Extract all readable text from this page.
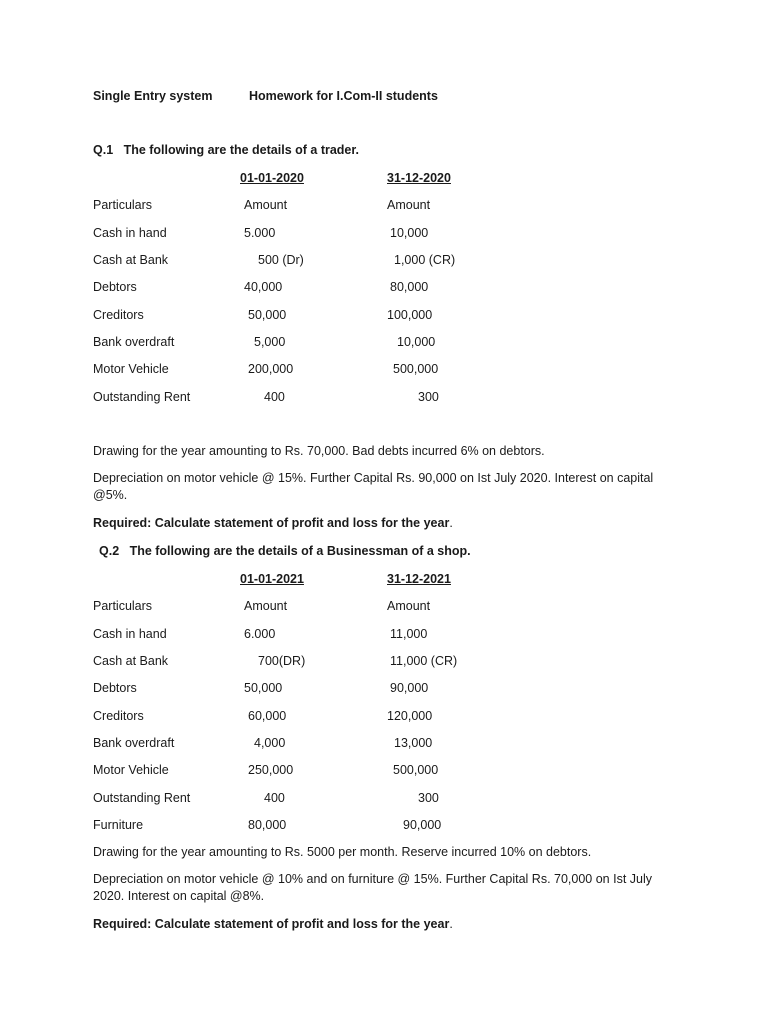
Single Entry system	Homework for I.Com-II students
Q.1   The following are the details of a trader.
01-01-2020	31-12-2020
Particulars	Amount	Amount
Cash in hand	5.000	10,000
Cash at Bank	500 (Dr)	1,000 (CR)
Debtors	40,000	80,000
Creditors	50,000	100,000
Bank overdraft	5,000	10,000
Motor Vehicle	200,000	500,000
Outstanding Rent	400	300
Drawing for the year amounting to Rs. 70,000. Bad debts incurred 6% on debtors.
Depreciation on motor vehicle @ 15%. Further Capital Rs. 90,000 on Ist July 2020. Interest on capital @5%.
Required: Calculate statement of profit and loss for the year.
Q.2   The following are the details of a Businessman of a shop.
01-01-2021	31-12-2021
Particulars	Amount	Amount
Cash in hand	6.000	11,000
Cash at Bank	700(DR)	11,000 (CR)
Debtors	50,000	90,000
Creditors	60,000	120,000
Bank overdraft	4,000	13,000
Motor Vehicle	250,000	500,000
Outstanding Rent	400	300
Furniture	80,000	90,000
Drawing for the year amounting to Rs. 5000 per month. Reserve incurred 10% on debtors.
Depreciation on motor vehicle @ 10% and on furniture @ 15%. Further Capital Rs. 70,000 on Ist July 2020. Interest on capital @8%.
Required: Calculate statement of profit and loss for the year.
